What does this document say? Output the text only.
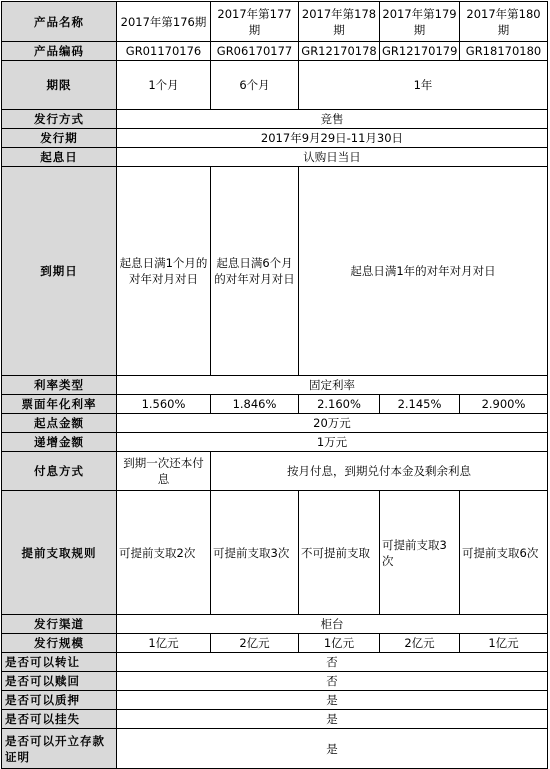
产品名称	2017年第176期	2017年第177期	2017年第178期	2017年第179期	2017年第180期	
产品编码	GR01170176	GR06170177	GR12170178	GR12170179	GR18170180	
期限	1个月	6个月	1年	
发行方式	竞售					
发行期	2017年9月29日-11月30日					
起息日	认购日当日					
到期日	起息日满1个月的对年对月对日	起息日满6个月的对年对月对日	起息日满1年的对年对月对日	
利率类型	固定利率					
票面年化利率	1.560%	1.846%	2.160%	2.145%	2.900%	
起点金额	20万元					
递增金额	1万元					
付息方式	到期一次还本付息	按月付息，到期兑付本金及剩余利息				
提前支取规则	可提前支取2次	可提前支取3次	不可提前支取	可提前支取3次	可提前支取6次	
发行渠道	柜台					
发行规模	1亿元	2亿元	1亿元	2亿元	1亿元	
是否可以转让	否					
是否可以赎回	否					
是否可以质押	是					
是否可以挂失	是					
是否可以开立存款证明	是					
